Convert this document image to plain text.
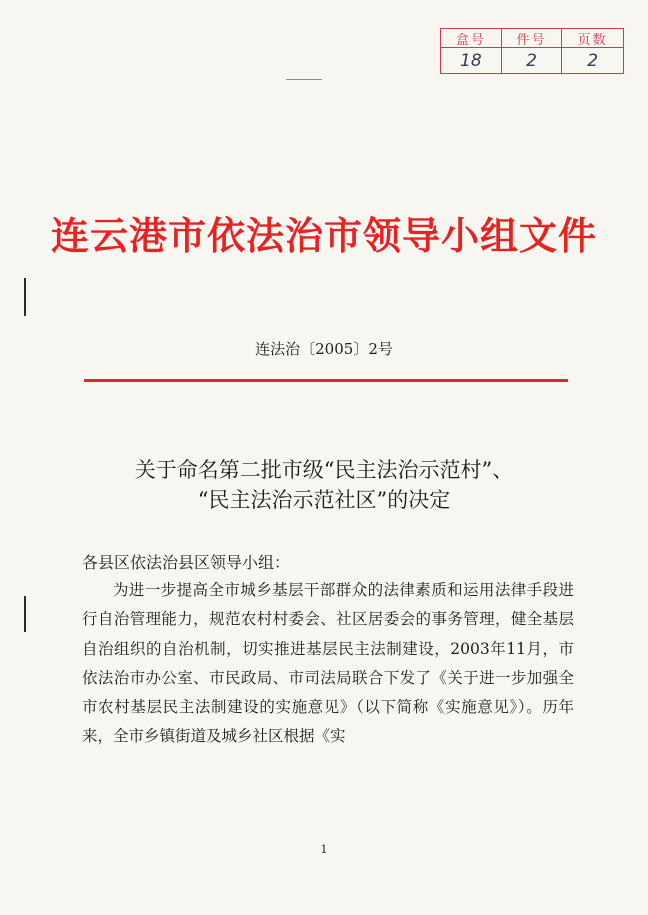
盒号	件号	页数
18	2	2
连云港市依法治市领导小组文件
连法治〔2005〕2号
关于命名第二批市级“民主法治示范村”、
“民主法治示范社区”的决定
各县区依法治县区领导小组：

为进一步提高全市城乡基层干部群众的法律素质和运用法律手段进行自治管理能力，规范农村村委会、社区居委会的事务管理，健全基层自治组织的自治机制，切实推进基层民主法制建设，2003年11月，市依法治市办公室、市民政局、市司法局联合下发了《关于进一步加强全市农村基层民主法制建设的实施意见》（以下简称《实施意见》）。历年来，全市乡镇街道及城乡社区根据《实

1
